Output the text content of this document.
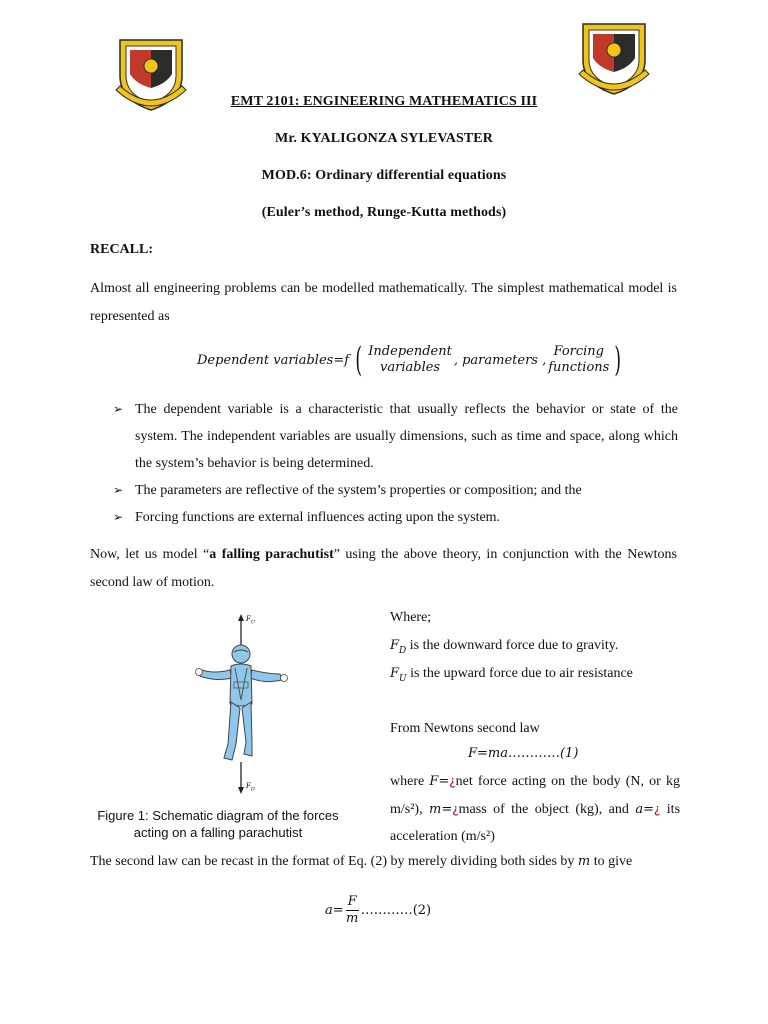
EMT 2101: ENGINEERING MATHEMATICS III
Mr. KYALIGONZA SYLEVASTER
MOD.6: Ordinary differential equations
(Euler’s method, Runge-Kutta methods)
RECALL:
Almost all engineering problems can be modelled mathematically. The simplest mathematical model is represented as
Dependent variables = f ( Independent
variables	, parameters ,
Forcing
functions )
➢ The dependent variable is a characteristic that usually reflects the behavior or state of the system. The independent variables are usually dimensions, such as time and space, along which the system’s behavior is being determined.
➢ The parameters are reflective of the system’s properties or composition; and the
➢ Forcing functions are external influences acting upon the system.
Now, let us model “a falling parachutist” using the above theory, in conjunction with the Newtons second law of motion.
$F_U$
$F_D$
Figure 1: Schematic diagram of the forces acting on a falling parachutist
Where;
$F_D$ is the downward force due to gravity.
$F_U$ is the upward force due to air resistance
From Newtons second law
F=ma…………(1)
where F=¿net force acting on the body (N, or kg m/s²), m=¿mass of the object (kg), and a=¿ its acceleration (m/s²)
The second law can be recast in the format of Eq. (2) by merely dividing both sides by m to give
$a= \frac{F}{m}$ …………(2)
